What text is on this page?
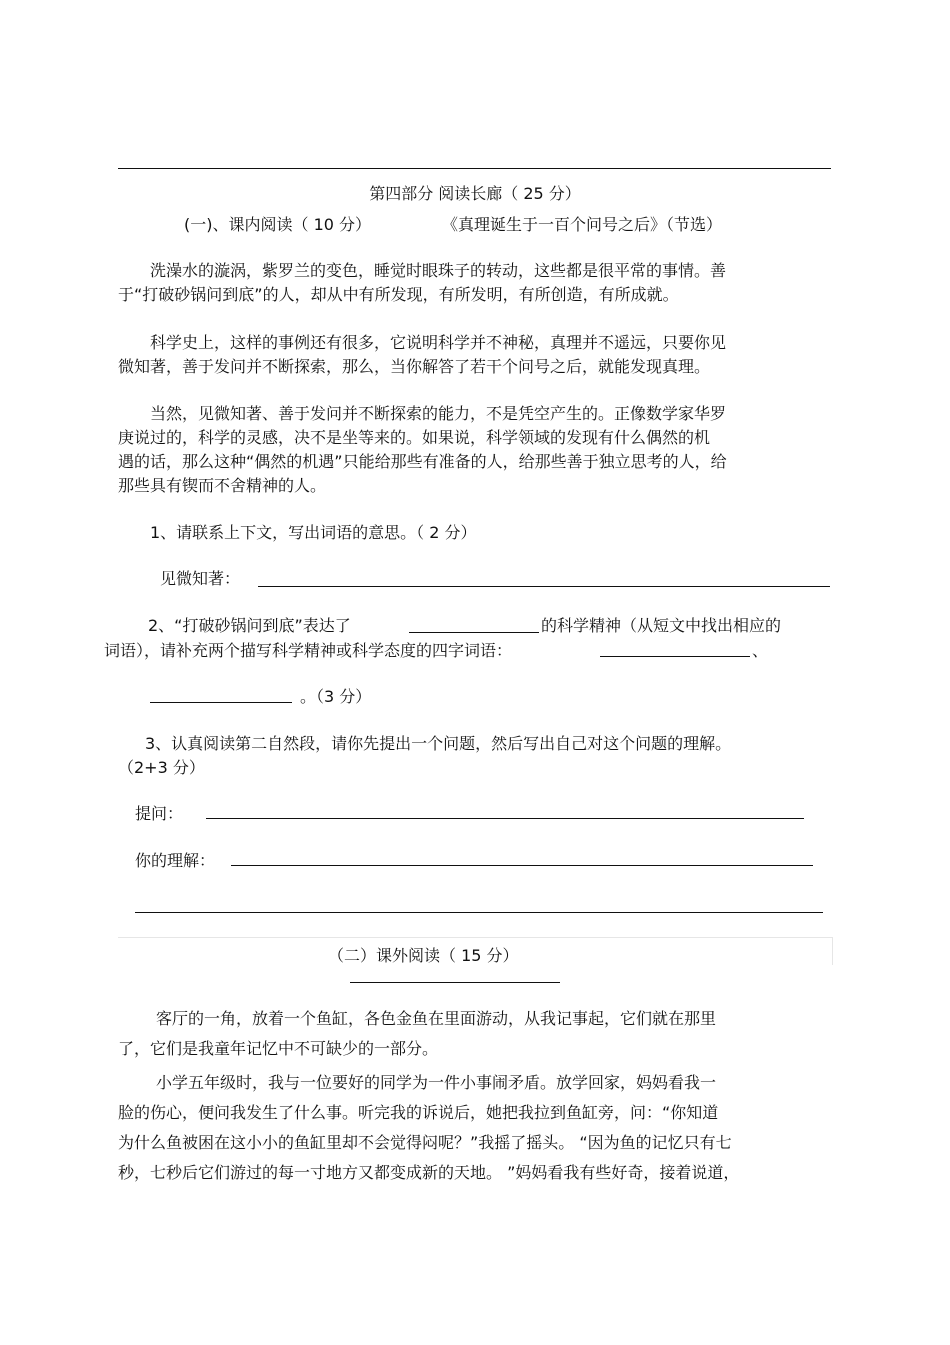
第四部分 阅读长廊（ 25 分）
(一)、课内阅读（ 10 分）	《真理诞生于一百个问号之后》（节选）
洗澡水的漩涡，紫罗兰的变色，睡觉时眼珠子的转动，这些都是很平常的事情。善
于“打破砂锅问到底”的人，却从中有所发现，有所发明，有所创造，有所成就。
科学史上，这样的事例还有很多，它说明科学并不神秘，真理并不遥远，只要你见
微知著，善于发问并不断探索，那么，当你解答了若干个问号之后，就能发现真理。
当然，见微知著、善于发问并不断探索的能力，不是凭空产生的。正像数学家华罗
庚说过的，科学的灵感，决不是坐等来的。如果说，科学领域的发现有什么偶然的机
遇的话，那么这种“偶然的机遇”只能给那些有准备的人，给那些善于独立思考的人，给
那些具有锲而不舍精神的人。
1、请联系上下文，写出词语的意思。（ 2 分）
见微知著：
2、“打破砂锅问到底”表达了	的科学精神（从短文中找出相应的
词语），请补充两个描写科学精神或科学态度的四字词语：	、
。（3 分）
3、认真阅读第二自然段，请你先提出一个问题，然后写出自己对这个问题的理解。
（2+3 分）
提问：
你的理解：
（二）课外阅读（ 15 分）
客厅的一角，放着一个鱼缸，各色金鱼在里面游动，从我记事起，它们就在那里
了，它们是我童年记忆中不可缺少的一部分。
小学五年级时，我与一位要好的同学为一件小事闹矛盾。放学回家，妈妈看我一
脸的伤心，便问我发生了什么事。听完我的诉说后，她把我拉到鱼缸旁，问：“你知道
为什么鱼被困在这小小的鱼缸里却不会觉得闷呢？”我摇了摇头。 “因为鱼的记忆只有七
秒，七秒后它们游过的每一寸地方又都变成新的天地。 ”妈妈看我有些好奇，接着说道，
